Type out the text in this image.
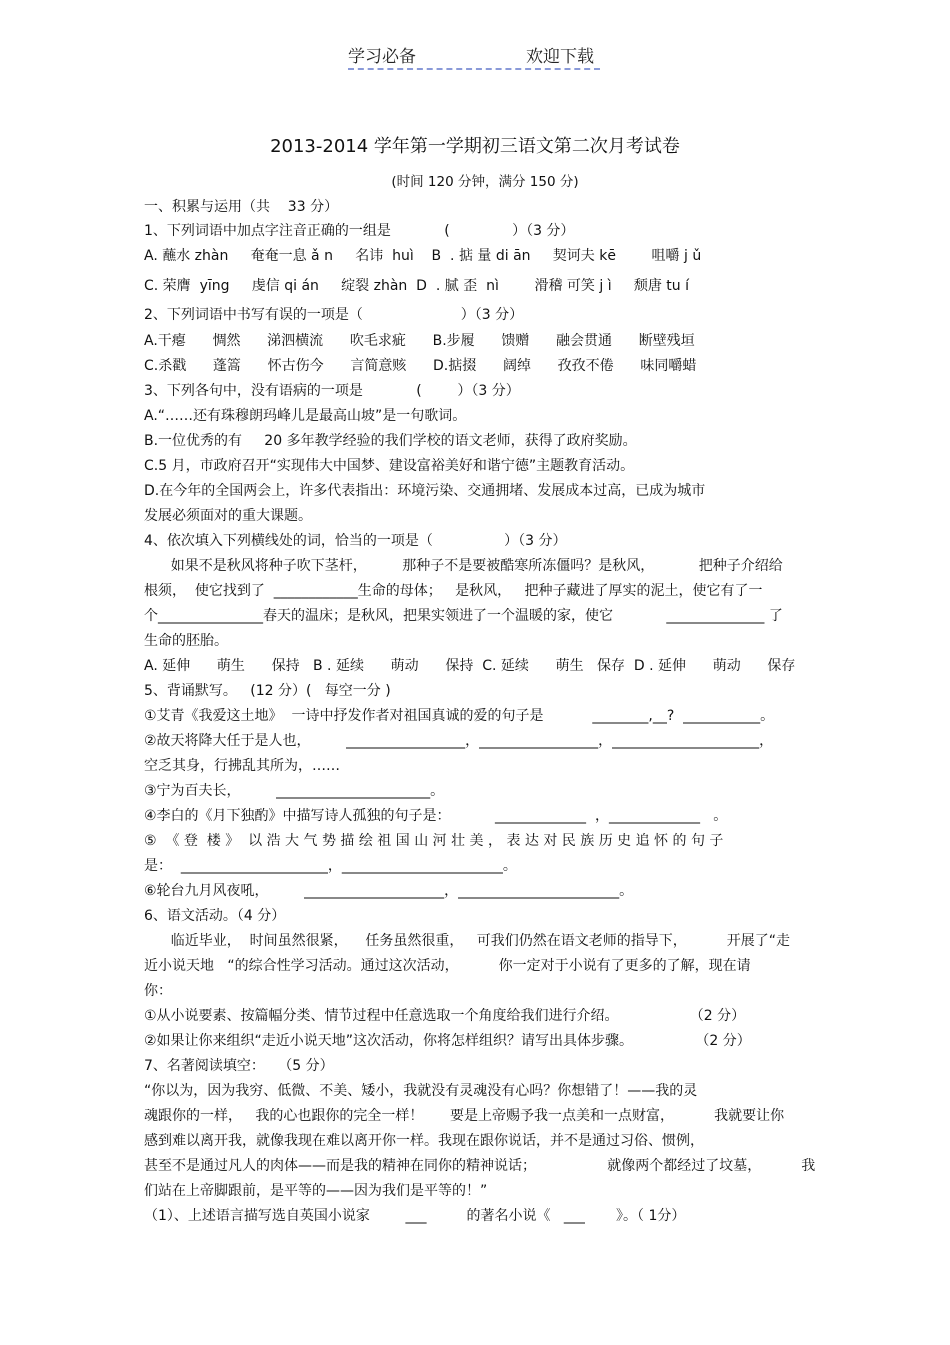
学习必备	欢迎下载
2013-2014 学年第一学期初三语文第二次月考试卷
(时间 120 分钟，满分 150 分)
一、积累与运用（共    33 分）
1、下列词语中加点字注音正确的一组是            (              ）（3 分）
A. 蘸水 zhàn     奄奄一息 ǎ n     名讳  huì    B  . 掂 量 di ān     契诃夫 kē        咀嚼 j ǔ
C. 荣膺  yīng     虔信 qi án     绽裂 zhàn  D  . 腻 歪  nì        滑稽 可笑 j ì     颓唐 tu í
2、下列词语中书写有误的一项是（                      ）（3 分）
A.干瘪      惆然      涕泗横流      吹毛求疵      B.步履      馈赠      融会贯通      断壁残垣
C.杀戳      蓬篙      怀古伤今      言简意赅      D.掂掇      阔绰      孜孜不倦      味同嚼蜡
3、下列各句中，没有语病的一项是            (        ）（3 分）
A.“……还有珠穆朗玛峰儿是最高山坡”是一句歌词。
B.一位优秀的有     20 多年教学经验的我们学校的语文老师，获得了政府奖励。
C.5 月，市政府召开“实现伟大中国梦、建设富裕美好和谐宁德”主题教育活动。
D.在今年的全国两会上，许多代表指出：环境污染、交通拥堵、发展成本过高，已成为城市
发展必须面对的重大课题。
4、依次填入下列横线处的词，恰当的一项是（                ）（3 分）
如果不是秋风将种子吹下茎杆，        那种子不是要被酷寒所冻僵吗？是秋风，          把种子介绍给
根须，  使它找到了  ____________生命的母体；   是秋风，   把种子藏进了厚实的泥土，使它有了一
个_______________春天的温床；是秋风，把果实领进了一个温暖的家，使它            ______________ 了
生命的胚胎。
A. 延伸      萌生      保持   B . 延续      萌动      保持  C. 延续      萌生   保存  D . 延伸      萌动      保存
5、背诵默写。   (12 分）(   每空一分 )
①艾青《我爱这土地》  一诗中抒发作者对祖国真诚的爱的句子是           ________,__?  ___________。
②故天将降大任于是人也，        _________________，_________________，_____________________，
空乏其身，行拂乱其所为，……
③宁为百夫长，        ______________________。
④李白的《月下独酌》中描写诗人孤独的句子是：          _____________  ，_____________   。
⑤  《 登  楼 》  以 浩 大 气 势 描 绘 祖 国 山 河 壮 美 ， 表 达 对 民 族 历 史 追 怀 的 句 子
是：  _____________________，_______________________。
⑥轮台九月风夜吼，        ____________________，_______________________。
6、语文活动。（4 分）
临近毕业，  时间虽然很紧，    任务虽然很重，   可我们仍然在语文老师的指导下，         开展了“走
近小说天地   “的综合性学习活动。通过这次活动，         你一定对于小说有了更多的了解，现在请
你：
①从小说要素、按篇幅分类、情节过程中任意选取一个角度给我们进行介绍。                （2 分）
②如果让你来组织“走近小说天地”这次活动，你将怎样组织？请写出具体步骤。              （2 分）
7、名著阅读填空：   （5 分）
“你以为，因为我穷、低微、不美、矮小，我就没有灵魂没有心吗？你想错了！——我的灵
魂跟你的一样，   我的心也跟你的完全一样！      要是上帝赐予我一点美和一点财富，         我就要让你
感到难以离开我，就像我现在难以离开你一样。我现在跟你说话，并不是通过习俗、惯例，
甚至不是通过凡人的肉体——而是我的精神在同你的精神说话；                就像两个都经过了坟墓，         我
们站在上帝脚跟前，是平等的——因为我们是平等的！”
（1）、上述语言描写选自英国小说家        ___         的著名小说《   ___       》。（ 1分）
